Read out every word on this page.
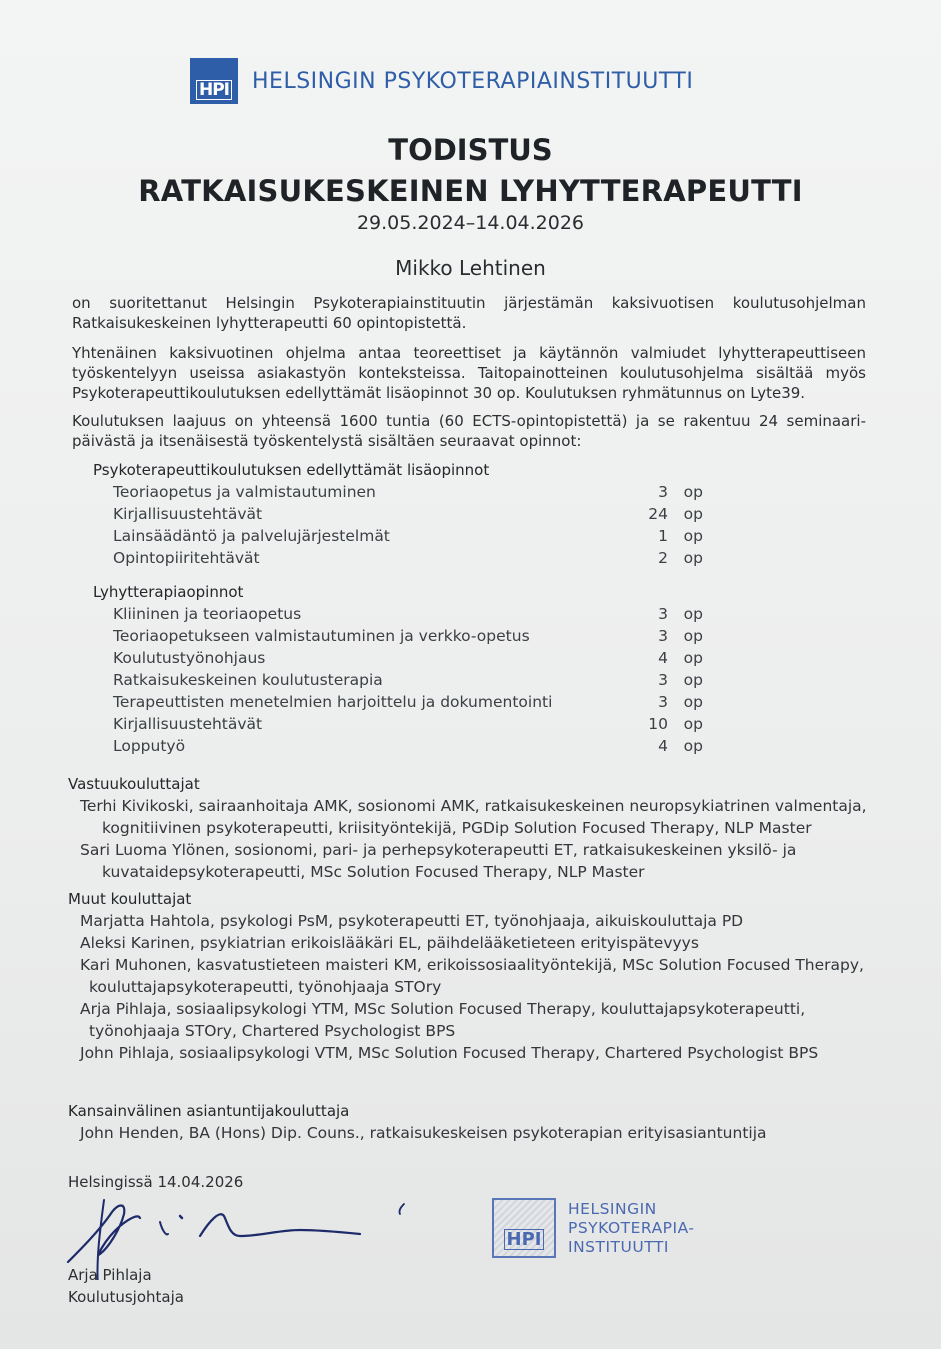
HPI HELSINGIN PSYKOTERAPIAINSTITUUTTI
TODISTUS
RATKAISUKESKEINEN LYHYTTERAPEUTTI
29.05.2024–14.04.2026
Mikko Lehtinen
on suoritettanut Helsingin Psykoterapiainstituutin järjestämän kaksivuotisen koulutusohjelman
Ratkaisukeskeinen lyhytterapeutti 60 opintopistettä.
Yhtenäinen kaksivuotinen ohjelma antaa teoreettiset ja käytännön valmiudet lyhytterapeuttiseen
työskentelyyn useissa asiakastyön konteksteissa. Taitopainotteinen koulutusohjelma sisältää myös
Psykoterapeuttikoulutuksen edellyttämät lisäopinnot 30 op. Koulutuksen ryhmätunnus on Lyte39.
Koulutuksen laajuus on yhteensä 1600 tuntia (60 ECTS-opintopistettä) ja se rakentuu 24 seminaari-
päivästä ja itsenäisestä työskentelystä sisältäen seuraavat opinnot:
Psykoterapeuttikoulutuksen edellyttämät lisäopinnot
Teoriaopetus ja valmistautuminen	3 op
Kirjallisuustehtävät	24 op
Lainsäädäntö ja palvelujärjestelmät	1 op
Opintopiiritehtävät	2 op
Lyhytterapiaopinnot
Kliininen ja teoriaopetus	3 op
Teoriaopetukseen valmistautuminen ja verkko-opetus	3 op
Koulutustyönohjaus	4 op
Ratkaisukeskeinen koulutusterapia	3 op
Terapeuttisten menetelmien harjoittelu ja dokumentointi	3 op
Kirjallisuustehtävät	10 op
Lopputyö	4 op
Vastuukouluttajat
Terhi Kivikoski, sairaanhoitaja AMK, sosionomi AMK, ratkaisukeskeinen neuropsykiatrinen valmentaja,
kognitiivinen psykoterapeutti, kriisityöntekijä, PGDip Solution Focused Therapy, NLP Master
Sari Luoma Ylönen, sosionomi, pari- ja perhepsykoterapeutti ET, ratkaisukeskeinen yksilö- ja
kuvataidepsykoterapeutti, MSc Solution Focused Therapy, NLP Master
Muut kouluttajat
Marjatta Hahtola, psykologi PsM, psykoterapeutti ET, työnohjaaja, aikuiskouluttaja PD
Aleksi Karinen, psykiatrian erikoislääkäri EL, päihdelääketieteen erityispätevyys
Kari Muhonen, kasvatustieteen maisteri KM, erikoissosiaalityöntekijä, MSc Solution Focused Therapy,
kouluttajapsykoterapeutti, työnohjaaja STOry
Arja Pihlaja, sosiaalipsykologi YTM, MSc Solution Focused Therapy, kouluttajapsykoterapeutti,
työnohjaaja STOry, Chartered Psychologist BPS
John Pihlaja, sosiaalipsykologi VTM, MSc Solution Focused Therapy, Chartered Psychologist BPS
Kansainvälinen asiantuntijakouluttaja
John Henden, BA (Hons) Dip. Couns., ratkaisukeskeisen psykoterapian erityisasiantuntija
Helsingissä 14.04.2026
Arja Pihlaja
Koulutusjohtaja
HPI
HELSINGIN
PSYKOTERAPIA-
INSTITUUTTI
